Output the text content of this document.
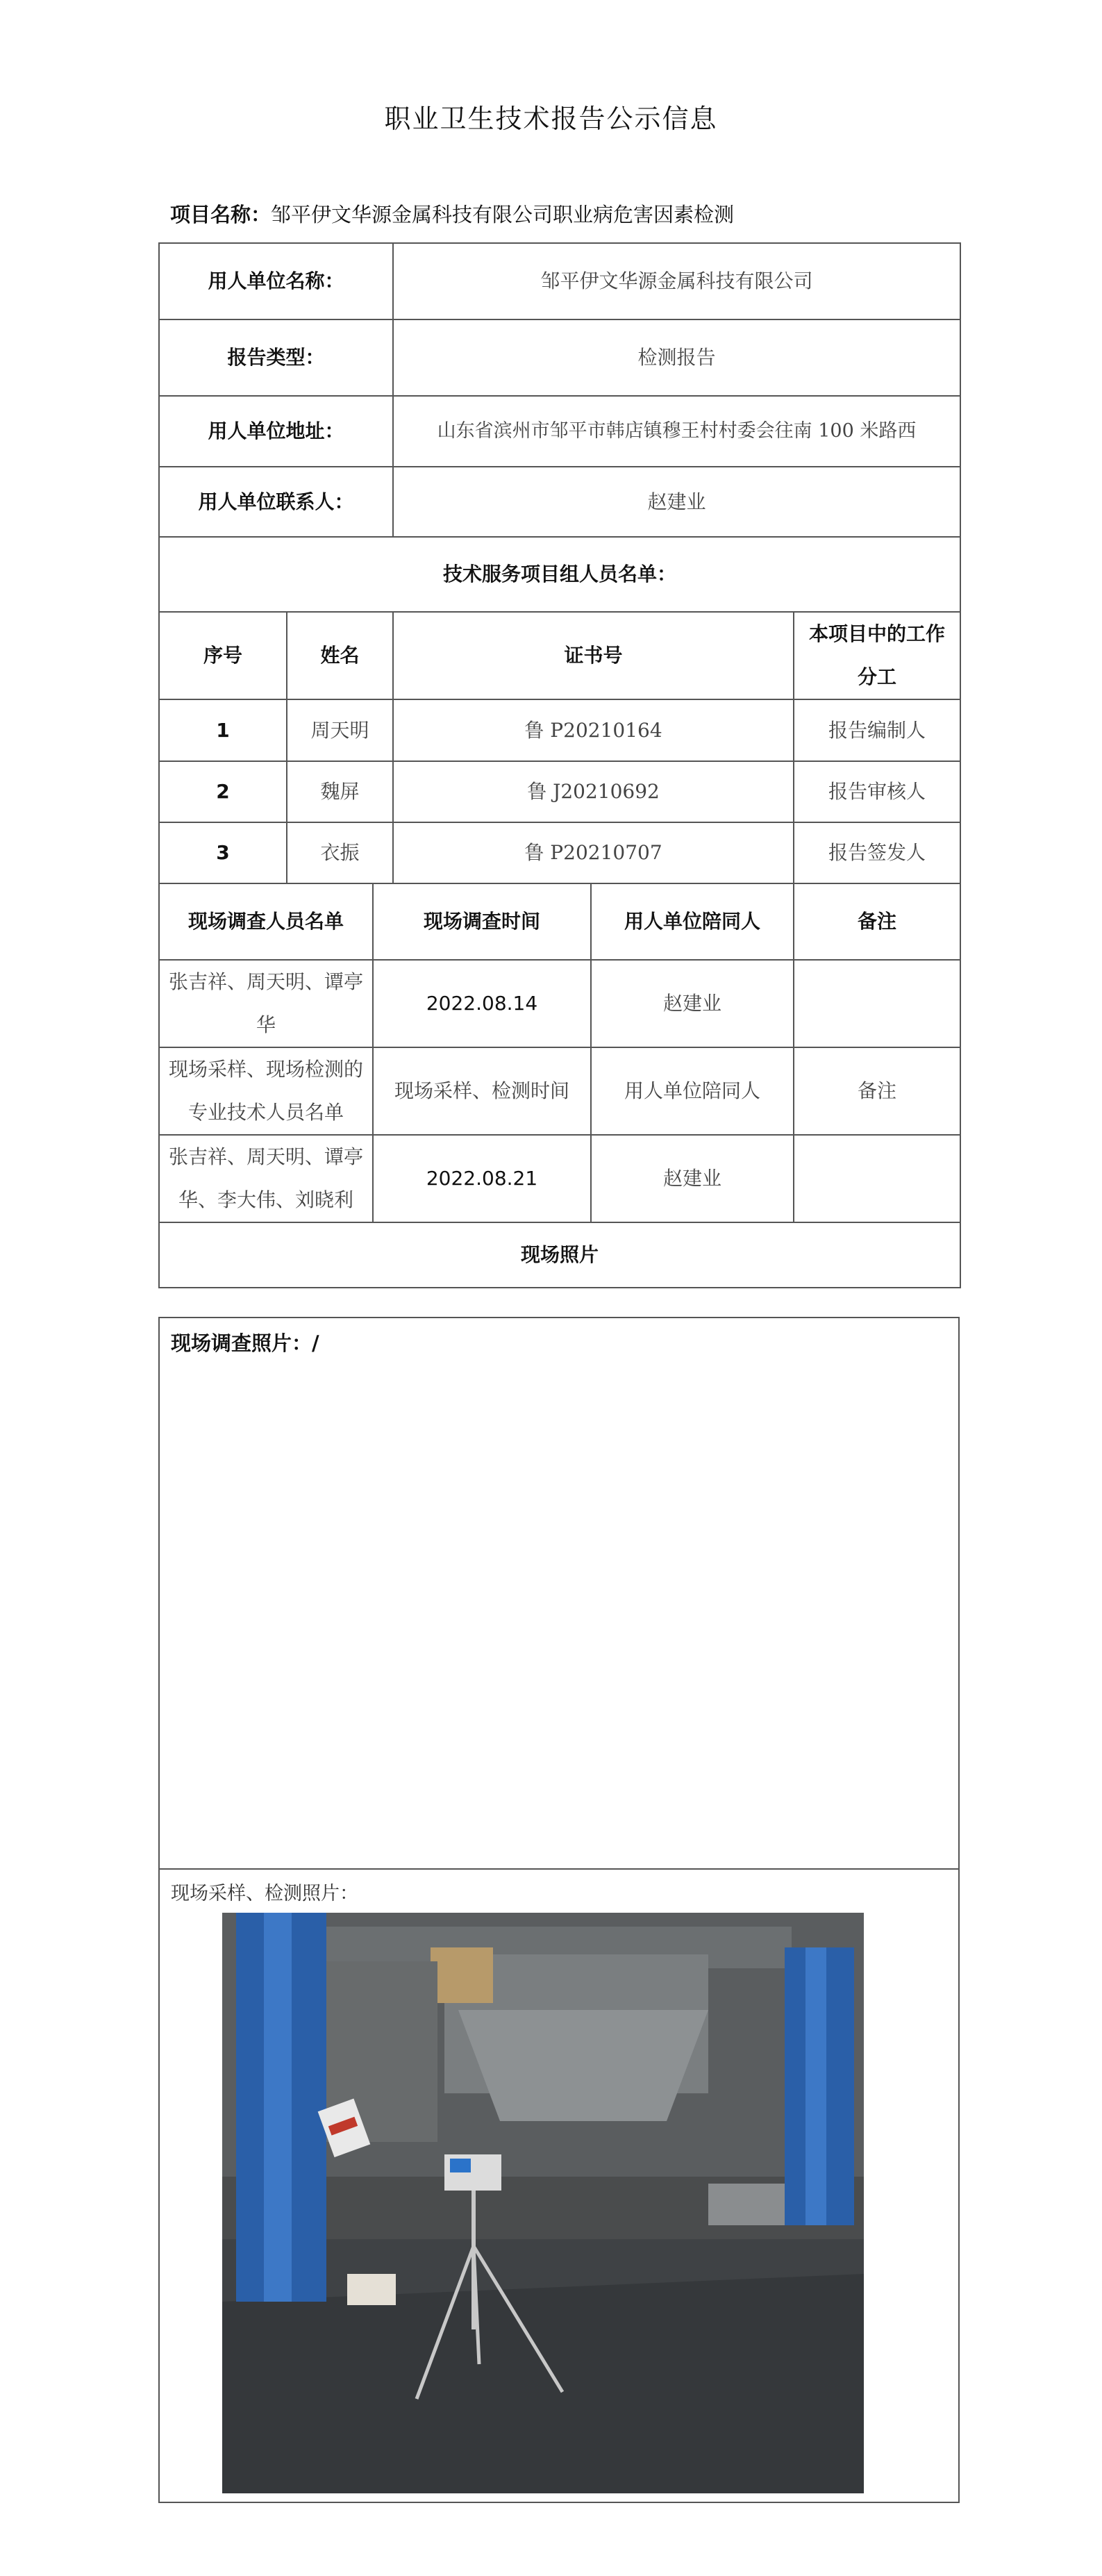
职业卫生技术报告公示信息
项目名称：邹平伊文华源金属科技有限公司职业病危害因素检测
用人单位名称：			邹平伊文华源金属科技有限公司		
报告类型：			检测报告		
用人单位地址：			山东省滨州市邹平市韩店镇穆王村村委会往南 100 米路西		
用人单位联系人：			赵建业		
技术服务项目组人员名单：					
序号	姓名		证书号		本项目中的工作分工
1	周天明		鲁 P20210164		报告编制人
2	魏屏		鲁 J20210692		报告审核人
3	衣振		鲁 P20210707		报告签发人
现场调查人员名单		现场调查时间		用人单位陪同人	备注
张吉祥、周天明、谭亭华		2022.08.14		赵建业	
现场采样、现场检测的专业技术人员名单		现场采样、检测时间		用人单位陪同人	备注
张吉祥、周天明、谭亭华、李大伟、刘晓利		2022.08.21		赵建业	
现场照片					
现场调查照片：/
现场采样、检测照片：
